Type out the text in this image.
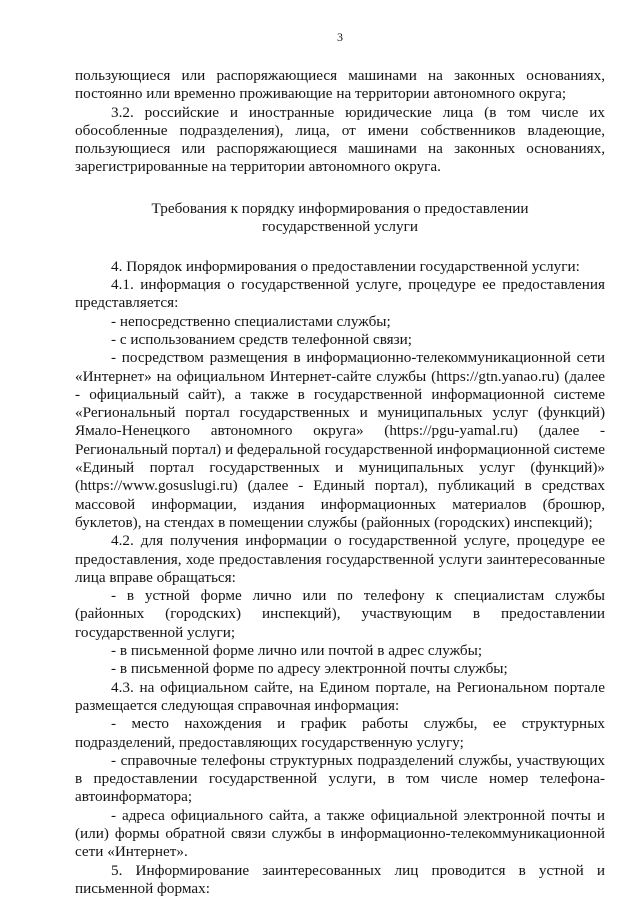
3

пользующиеся или распоряжающиеся машинами на законных основаниях, постоянно или временно проживающие на территории автономного округа;

3.2. российские и иностранные юридические лица (в том числе их обособленные подразделения), лица, от имени собственников владеющие, пользующиеся или распоряжающиеся машинами на законных основаниях, зарегистрированные на территории автономного округа.

Требования к порядку информирования о предоставлении
государственной услуги

4. Порядок информирования о предоставлении государственной услуги:

4.1. информация о государственной услуге, процедуре ее предоставления представляется:

- непосредственно специалистами службы;

- с использованием средств телефонной связи;

- посредством размещения в информационно-телекоммуникационной сети «Интернет» на официальном Интернет-сайте службы (https://gtn.yanao.ru) (далее - официальный сайт), а также в государственной информационной системе «Региональный портал государственных и муниципальных услуг (функций) Ямало-Ненецкого автономного округа» (https://pgu-yamal.ru) (далее - Региональный портал) и федеральной государственной информационной системе «Единый портал государственных и муниципальных услуг (функций)» (https://www.gosuslugi.ru) (далее - Единый портал), публикаций в средствах массовой информации, издания информационных материалов (брошюр, буклетов), на стендах в помещении службы (районных (городских) инспекций);

4.2. для получения информации о государственной услуге, процедуре ее предоставления, ходе предоставления государственной услуги заинтересованные лица вправе обращаться:

- в устной форме лично или по телефону к специалистам службы (районных (городских) инспекций), участвующим в предоставлении государственной услуги;

- в письменной форме лично или почтой в адрес службы;

- в письменной форме по адресу электронной почты службы;

4.3. на официальном сайте, на Едином портале, на Региональном портале размещается следующая справочная информация:

- место нахождения и график работы службы, ее структурных подразделений, предоставляющих государственную услугу;

- справочные телефоны структурных подразделений службы, участвующих в предоставлении государственной услуги, в том числе номер телефона-автоинформатора;

- адреса официального сайта, а также официальной электронной почты и (или) формы обратной связи службы в информационно-телекоммуникационной сети «Интернет».

5. Информирование заинтересованных лиц проводится в устной и письменной формах:
